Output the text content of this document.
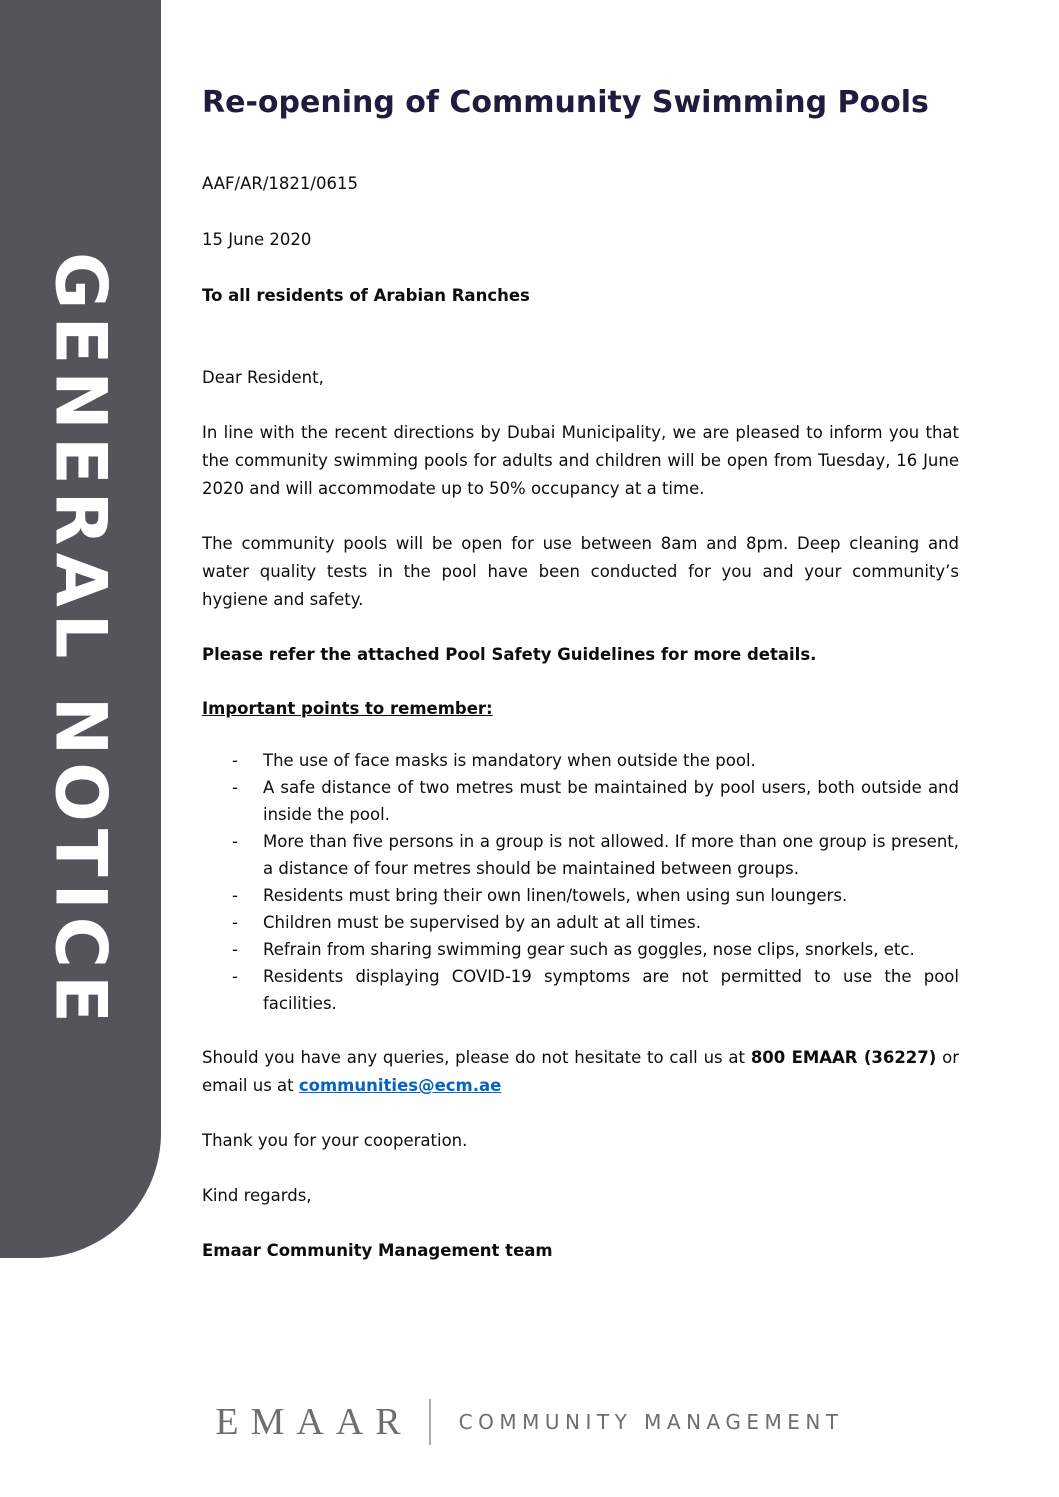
GENERAL NOTICE
Re-opening of Community Swimming Pools

AAF/AR/1821/0615

15 June 2020

To all residents of Arabian Ranches

Dear Resident,

In line with the recent directions by Dubai Municipality, we are pleased to inform you that the community swimming pools for adults and children will be open from Tuesday, 16 June 2020 and will accommodate up to 50% occupancy at a time.

The community pools will be open for use between 8am and 8pm. Deep cleaning and water quality tests in the pool have been conducted for you and your community’s hygiene and safety.

Please refer the attached Pool Safety Guidelines for more details.

Important points to remember:

-	The use of face masks is mandatory when outside the pool.
-	A safe distance of two metres must be maintained by pool users, both outside and inside the pool.
-	More than five persons in a group is not allowed. If more than one group is present, a distance of four metres should be maintained between groups.
-	Residents must bring their own linen/towels, when using sun loungers.
-	Children must be supervised by an adult at all times.
-	Refrain from sharing swimming gear such as goggles, nose clips, snorkels, etc.
-	Residents displaying COVID-19 symptoms are not permitted to use the pool facilities.

Should you have any queries, please do not hesitate to call us at 800 EMAAR (36227) or email us at communities@ecm.ae

Thank you for your cooperation.

Kind regards,

Emaar Community Management team

EMAAR COMMUNITY MANAGEMENT
